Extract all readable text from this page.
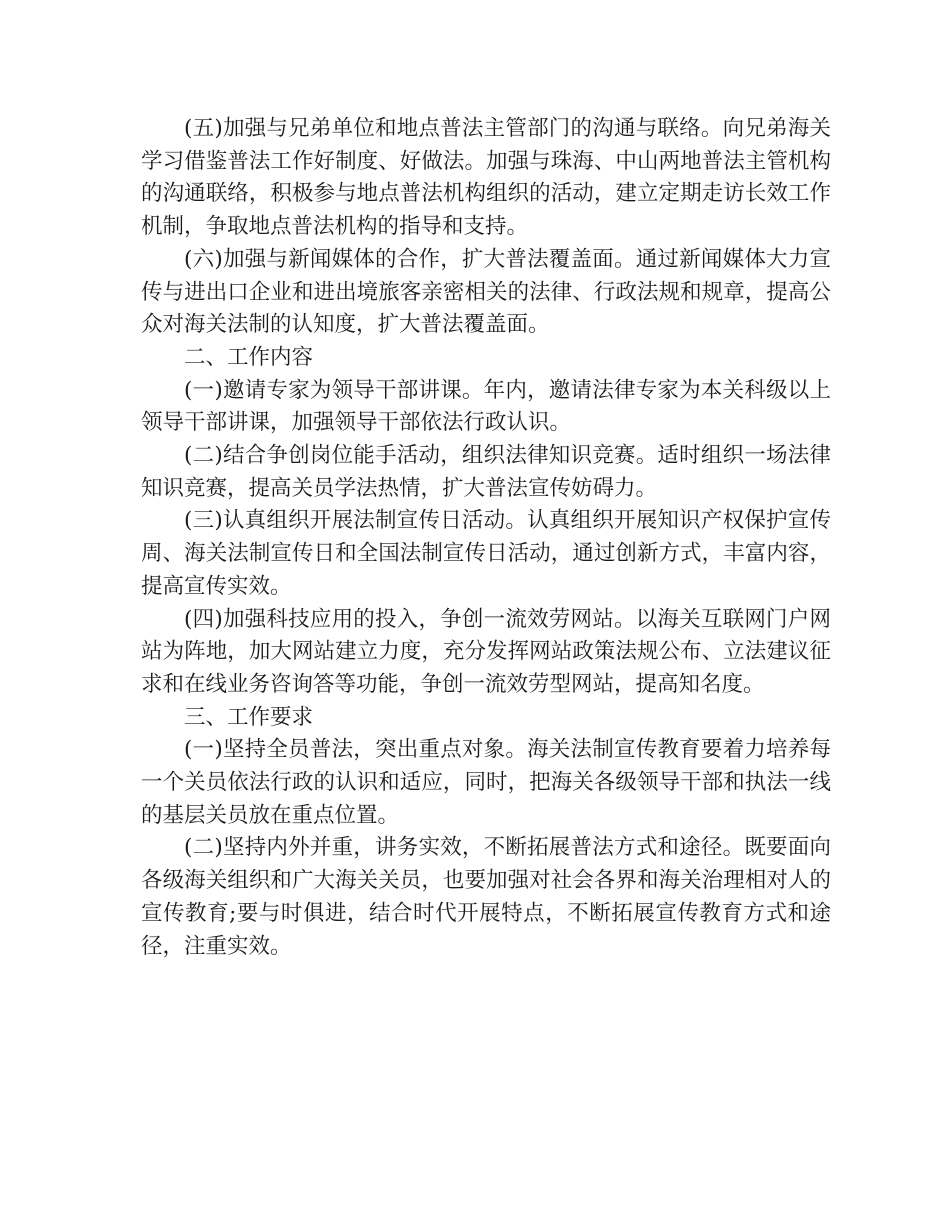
(五)加强与兄弟单位和地点普法主管部门的沟通与联络。向兄弟海关学习借鉴普法工作好制度、好做法。加强与珠海、中山两地普法主管机构的沟通联络，积极参与地点普法机构组织的活动，建立定期走访长效工作机制，争取地点普法机构的指导和支持。

(六)加强与新闻媒体的合作，扩大普法覆盖面。通过新闻媒体大力宣传与进出口企业和进出境旅客亲密相关的法律、行政法规和规章，提高公众对海关法制的认知度，扩大普法覆盖面。

二、工作内容

(一)邀请专家为领导干部讲课。年内，邀请法律专家为本关科级以上领导干部讲课，加强领导干部依法行政认识。

(二)结合争创岗位能手活动，组织法律知识竞赛。适时组织一场法律知识竞赛，提高关员学法热情，扩大普法宣传妨碍力。

(三)认真组织开展法制宣传日活动。认真组织开展知识产权保护宣传周、海关法制宣传日和全国法制宣传日活动，通过创新方式，丰富内容，提高宣传实效。

(四)加强科技应用的投入，争创一流效劳网站。以海关互联网门户网站为阵地，加大网站建立力度，充分发挥网站政策法规公布、立法建议征求和在线业务咨询答等功能，争创一流效劳型网站，提高知名度。

三、工作要求

(一)坚持全员普法，突出重点对象。海关法制宣传教育要着力培养每一个关员依法行政的认识和适应，同时，把海关各级领导干部和执法一线的基层关员放在重点位置。

(二)坚持内外并重，讲务实效，不断拓展普法方式和途径。既要面向各级海关组织和广大海关关员，也要加强对社会各界和海关治理相对人的宣传教育;要与时俱进，结合时代开展特点，不断拓展宣传教育方式和途径，注重实效。
